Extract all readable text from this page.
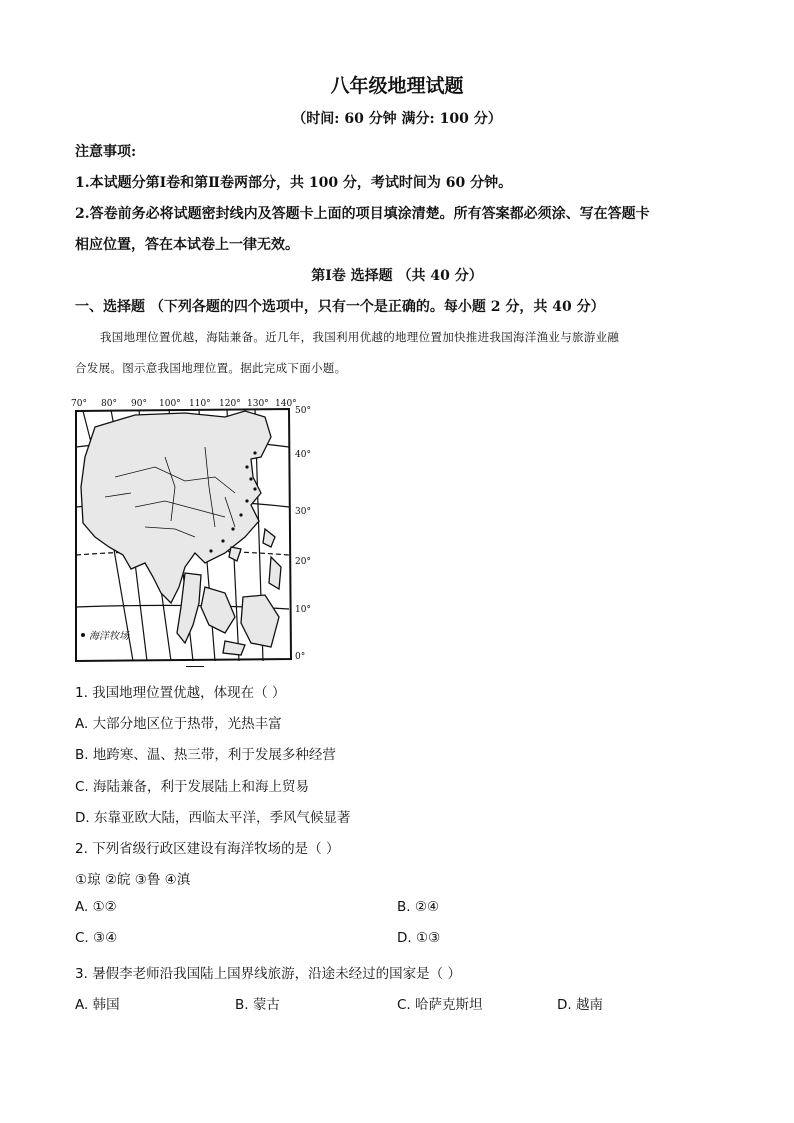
八年级地理试题
（时间: 60 分钟 满分: 100 分）
注意事项:
1.本试题分第Ⅰ卷和第Ⅱ卷两部分，共 100 分，考试时间为 60 分钟。
2.答卷前务必将试题密封线内及答题卡上面的项目填涂清楚。所有答案都必须涂、写在答题卡
相应位置，答在本试卷上一律无效。
第Ⅰ卷 选择题 （共 40 分）
一、选择题 （下列各题的四个选项中，只有一个是正确的。每小题 2 分，共 40 分）
我国地理位置优越，海陆兼备。近几年，我国利用优越的地理位置加快推进我国海洋渔业与旅游业融
合发展。图示意我国地理位置。据此完成下面小题。
70° 80° 90° 100° 110° 120° 130° 140°
50°
40°
30°
20°
10°
0°
海洋牧场
1. 我国地理位置优越，体现在（ ）
A. 大部分地区位于热带，光热丰富
B. 地跨寒、温、热三带，利于发展多种经营
C. 海陆兼备，利于发展陆上和海上贸易
D. 东靠亚欧大陆，西临太平洋，季风气候显著
2. 下列省级行政区建设有海洋牧场的是（ ）
①琼 ②皖 ③鲁 ④滇
A. ①②	B. ②④
C. ③④	D. ①③
3. 暑假李老师沿我国陆上国界线旅游，沿途未经过的国家是（ ）
A. 韩国	B. 蒙古	C. 哈萨克斯坦	D. 越南
